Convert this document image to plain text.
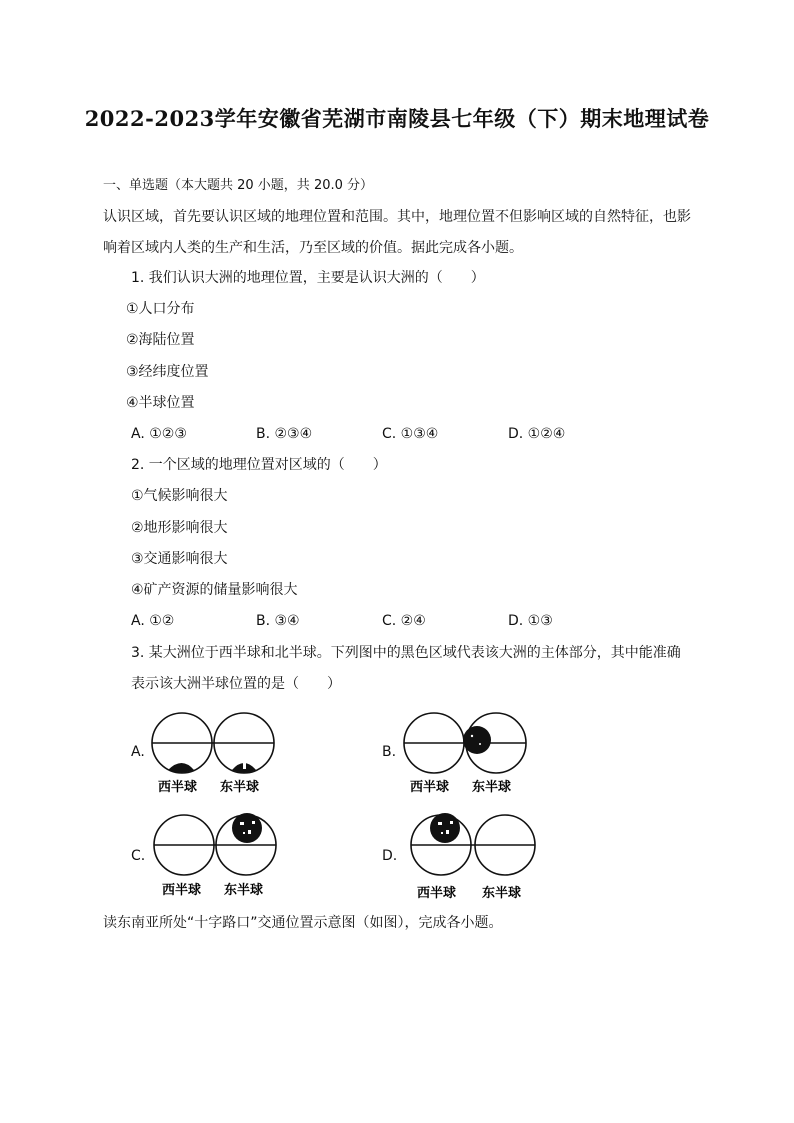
2022-2023学年安徽省芜湖市南陵县七年级（下）期末地理试卷
一、单选题（本大题共 20 小题，共 20.0 分）
认识区域，首先要认识区域的地理位置和范围。其中，地理位置不但影响区域的自然特征，也影
响着区域内人类的生产和生活，乃至区域的价值。据此完成各小题。
1. 我们认识大洲的地理位置，主要是认识大洲的（　　）
①人口分布
②海陆位置
③经纬度位置
④半球位置
A. ①②③	B. ②③④	C. ①③④	D. ①②④
2. 一个区域的地理位置对区域的（　　）
①气候影响很大
②地形影响很大
③交通影响很大
④矿产资源的储量影响很大
A. ①②	B. ③④	C. ②④	D. ①③
3. 某大洲位于西半球和北半球。下列图中的黑色区域代表该大洲的主体部分，其中能准确
表示该大洲半球位置的是（　　）
A.
西半球 东半球
B.
西半球 东半球
C.
西半球 东半球
D.
西半球 东半球
读东南亚所处“十字路口”交通位置示意图（如图），完成各小题。
